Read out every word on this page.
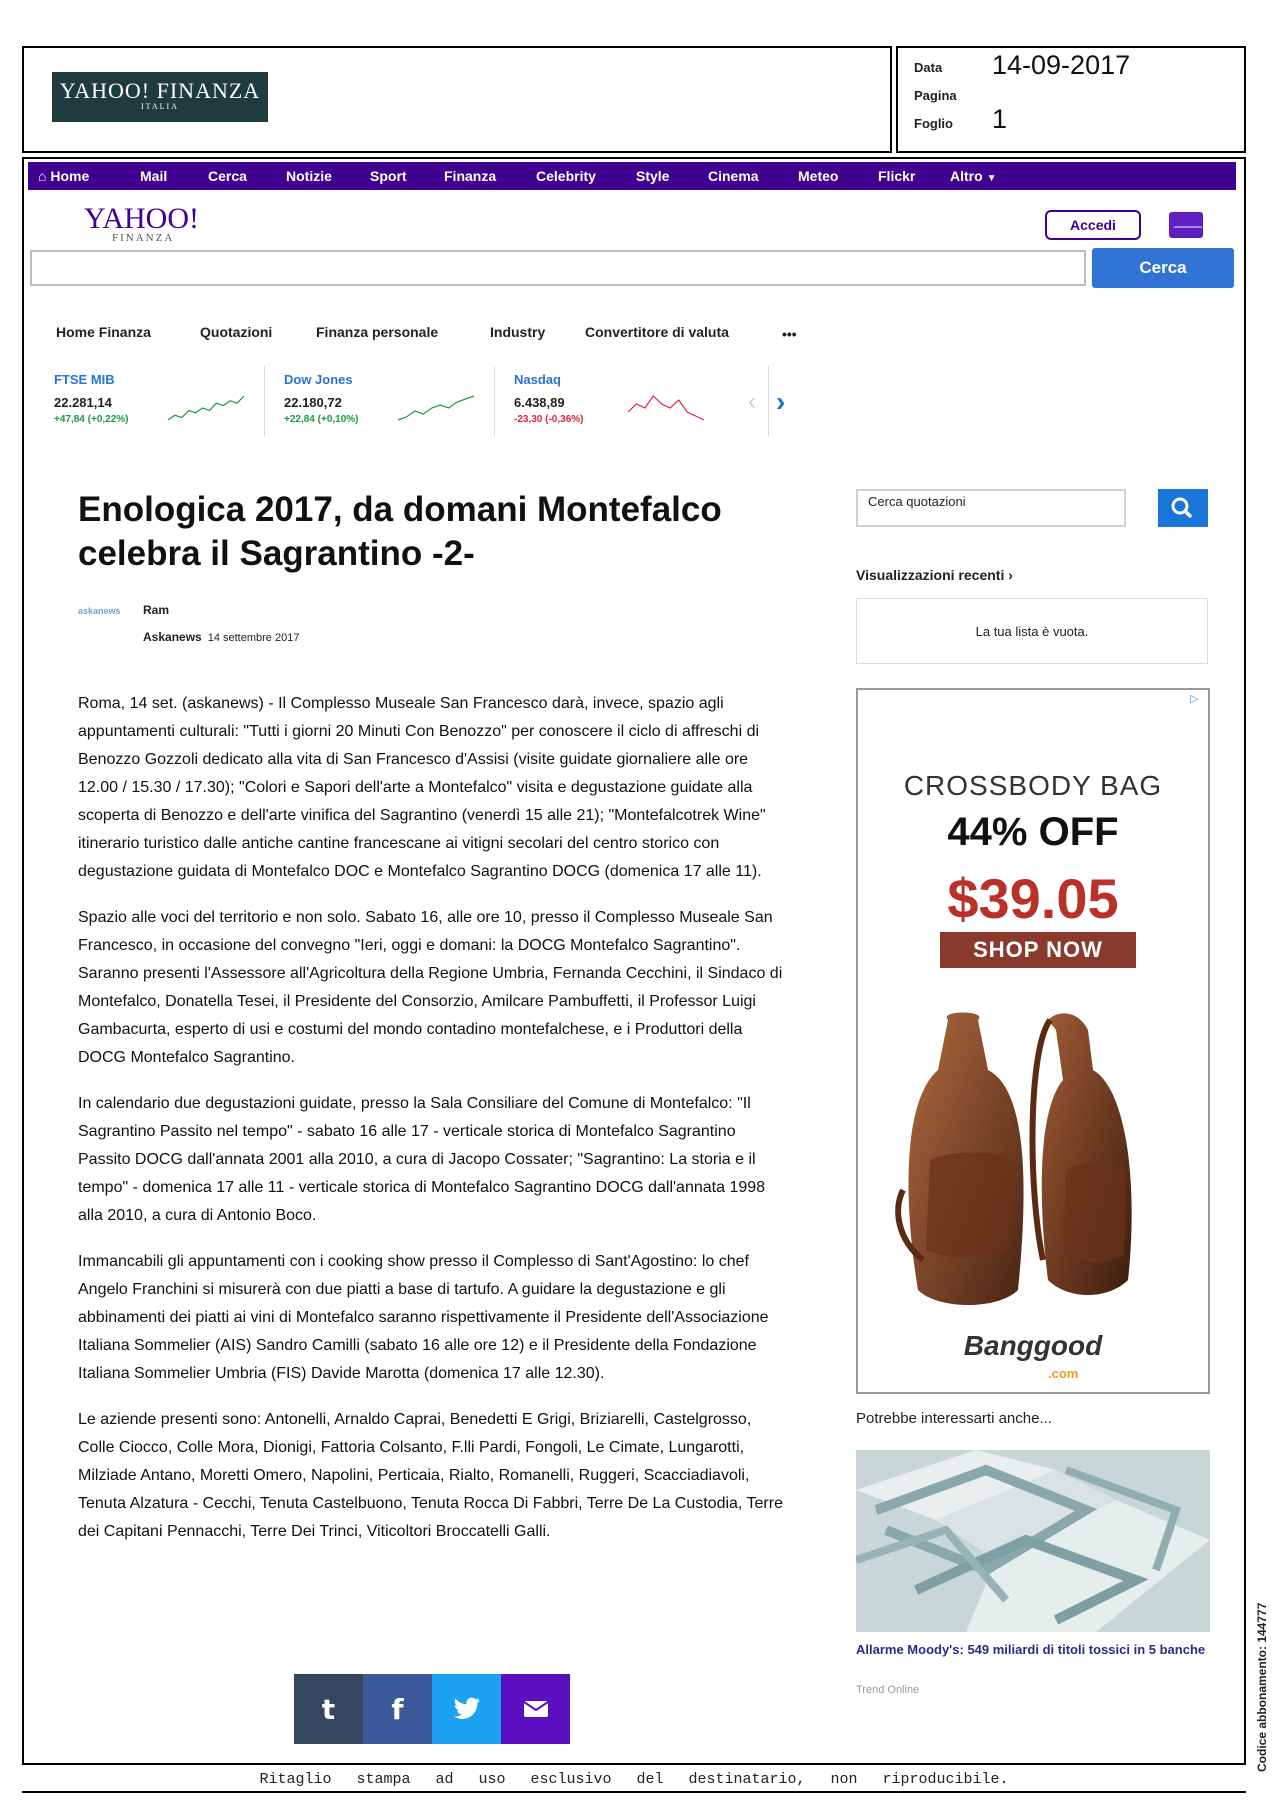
YAHOO! FINANZA
ITALIA
Data 14-09-2017
Pagina
Foglio 1
⌂ Home	Mail	Cerca	Notizie	Sport	Finanza	Celebrity	Style	Cinema	Meteo	Flickr Altro ▼
YAHOO!
FINANZA
Accedi
Cerca
Home Finanza	Quotazioni	Finanza personale	Industry	Convertitore di valuta	•••
FTSE MIB
22.281,14
+47,84 (+0,22%)
Dow Jones
22.180,72
+22,84 (+0,10%)
Nasdaq
6.438,89
-23,30 (-0,36%)
‹ ›
Enologica 2017, da domani Montefalco celebra il Sagrantino -2-
askanews Ram
Askanews 14 settembre 2017

Roma, 14 set. (askanews) - Il Complesso Museale San Francesco darà, invece, spazio agli appuntamenti culturali: "Tutti i giorni 20 Minuti Con Benozzo" per conoscere il ciclo di affreschi di Benozzo Gozzoli dedicato alla vita di San Francesco d'Assisi (visite guidate giornaliere alle ore 12.00 / 15.30 / 17.30); "Colori e Sapori dell'arte a Montefalco" visita e degustazione guidate alla scoperta di Benozzo e dell'arte vinifica del Sagrantino (venerdì 15 alle 21); "Montefalcotrek Wine" itinerario turistico dalle antiche cantine francescane ai vitigni secolari del centro storico con degustazione guidata di Montefalco DOC e Montefalco Sagrantino DOCG (domenica 17 alle 11).

Spazio alle voci del territorio e non solo. Sabato 16, alle ore 10, presso il Complesso Museale San Francesco, in occasione del convegno "Ieri, oggi e domani: la DOCG Montefalco Sagrantino". Saranno presenti l'Assessore all'Agricoltura della Regione Umbria, Fernanda Cecchini, il Sindaco di Montefalco, Donatella Tesei, il Presidente del Consorzio, Amilcare Pambuffetti, il Professor Luigi Gambacurta, esperto di usi e costumi del mondo contadino montefalchese, e i Produttori della DOCG Montefalco Sagrantino.

In calendario due degustazioni guidate, presso la Sala Consiliare del Comune di Montefalco: "Il Sagrantino Passito nel tempo" - sabato 16 alle 17 - verticale storica di Montefalco Sagrantino Passito DOCG dall'annata 2001 alla 2010, a cura di Jacopo Cossater; "Sagrantino: La storia e il tempo" - domenica 17 alle 11 - verticale storica di Montefalco Sagrantino DOCG dall'annata 1998 alla 2010, a cura di Antonio Boco.

Immancabili gli appuntamenti con i cooking show presso il Complesso di Sant'Agostino: lo chef Angelo Franchini si misurerà con due piatti a base di tartufo. A guidare la degustazione e gli abbinamenti dei piatti ai vini di Montefalco saranno rispettivamente il Presidente dell'Associazione Italiana Sommelier (AIS) Sandro Camilli (sabato 16 alle ore 12) e il Presidente della Fondazione Italiana Sommelier Umbria (FIS) Davide Marotta (domenica 17 alle 12.30).

Le aziende presenti sono: Antonelli, Arnaldo Caprai, Benedetti E Grigi, Briziarelli, Castelgrosso, Colle Ciocco, Colle Mora, Dionigi, Fattoria Colsanto, F.lli Pardi, Fongoli, Le Cimate, Lungarotti, Milziade Antano, Moretti Omero, Napolini, Perticaia, Rialto, Romanelli, Ruggeri, Scacciadiavoli, Tenuta Alzatura - Cecchi, Tenuta Castelbuono, Tenuta Rocca Di Fabbri, Terre De La Custodia, Terre dei Capitani Pennacchi, Terre Dei Trinci, Viticoltori Broccatelli Galli.

t	f
Cerca quotazioni
Visualizzazioni recenti ›
La tua lista è vuota.
▷
CROSSBODY BAG
44% OFF
$39.05
SHOP NOW
Banggood
.com
Potrebbe interessarti anche...
Allarme Moody's: 549 miliardi di titoli tossici in 5 banche
Trend Online
Ritaglio stampa ad uso esclusivo del destinatario, non riproducibile.
Codice abbonamento: 144777
